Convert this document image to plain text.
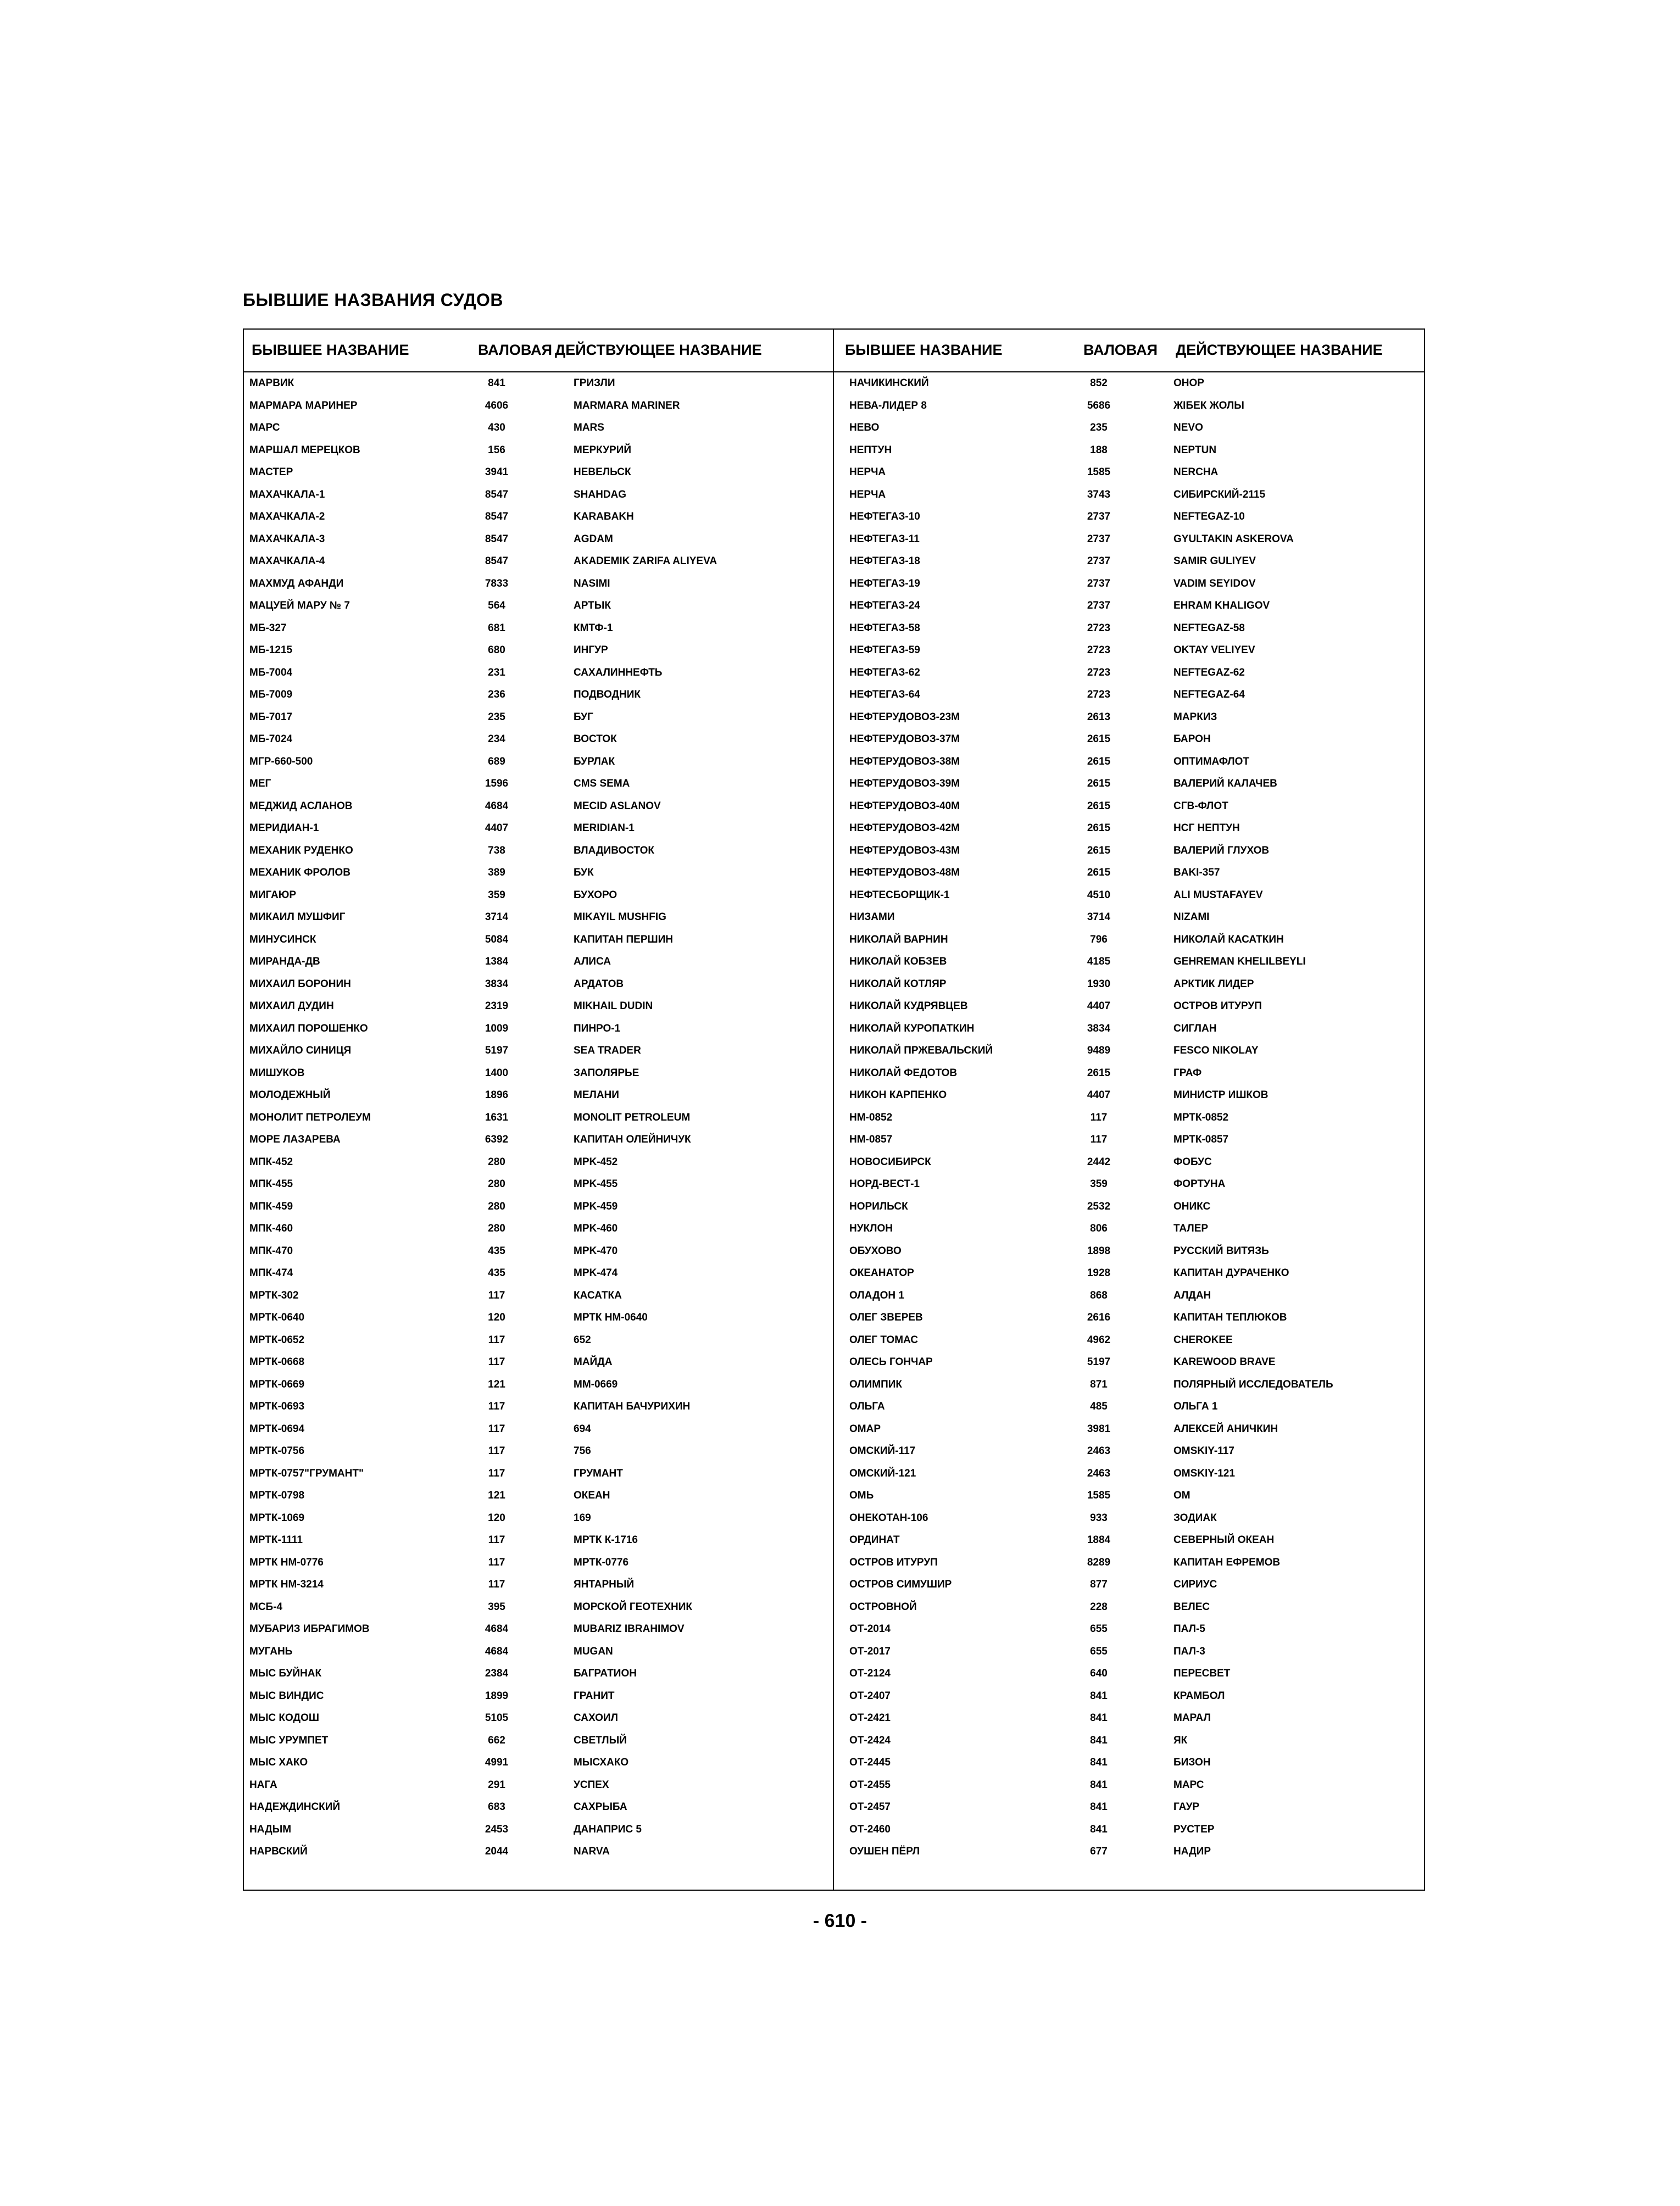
БЫВШИЕ НАЗВАНИЯ СУДОВ
БЫВШЕЕ НАЗВАНИЕ	ВАЛОВАЯ ДЕЙСТВУЮЩЕЕ НАЗВАНИЕ	БЫВШЕЕ НАЗВАНИЕ	ВАЛОВАЯ ДЕЙСТВУЮЩЕЕ НАЗВАНИЕ
МАРВИК	841	ГРИЗЛИ
МАРМАРА МАРИНЕР	4606	MARMARA MARINER
МАРС	430	MARS
МАРШАЛ МЕРЕЦКОВ	156	МЕРКУРИЙ
МАСТЕР	3941	НЕВЕЛЬСК
МАХАЧКАЛА-1	8547	SHAHDAG
МАХАЧКАЛА-2	8547	KARABAKH
МАХАЧКАЛА-3	8547	AGDAM
МАХАЧКАЛА-4	8547	AKADEMIK ZARIFA ALIYEVA
МАХМУД АФАНДИ	7833	NASIMI
МАЦУЕЙ МАРУ № 7	564	АРТЫК
МБ-327	681	КМТФ-1
МБ-1215	680	ИНГУР
МБ-7004	231	САХАЛИННЕФТЬ
МБ-7009	236	ПОДВОДНИК
МБ-7017	235	БУГ
МБ-7024	234	ВОСТОК
МГР-660-500	689	БУРЛАК
МЕГ	1596	CMS SEMA
МЕДЖИД АСЛАНОВ	4684	MECID ASLANOV
МЕРИДИАН-1	4407	MERIDIAN-1
МЕХАНИК РУДЕНКО	738	ВЛАДИВОСТОК
МЕХАНИК ФРОЛОВ	389	БУК
МИГАЮР	359	БУХОРО
МИКАИЛ МУШФИГ	3714	MIKAYIL MUSHFIG
МИНУСИНСК	5084	КАПИТАН ПЕРШИН
МИРАНДА-ДВ	1384	АЛИСА
МИХАИЛ БОРОНИН	3834	АРДАТОВ
МИХАИЛ ДУДИН	2319	MIKHAIL DUDIN
МИХАИЛ ПОРОШЕНКО	1009	ПИНРО-1
МИХАЙЛО СИНИЦЯ	5197	SEA TRADER
МИШУКОВ	1400	ЗАПОЛЯРЬЕ
МОЛОДЕЖНЫЙ	1896	МЕЛАНИ
МОНОЛИТ ПЕТРОЛЕУМ	1631	MONOLIT PETROLEUM
МОРЕ ЛАЗАРЕВА	6392	КАПИТАН ОЛЕЙНИЧУК
МПК-452	280	MPK-452
МПК-455	280	MPK-455
МПК-459	280	MPK-459
МПК-460	280	MPK-460
МПК-470	435	MPK-470
МПК-474	435	MPK-474
МРТК-302	117	КАСАТКА
МРТК-0640	120	МРТК НМ-0640
МРТК-0652	117	652
МРТК-0668	117	МАЙДА
МРТК-0669	121	ММ-0669
МРТК-0693	117	КАПИТАН БАЧУРИХИН
МРТК-0694	117	694
МРТК-0756	117	756
МРТК-0757"ГРУМАНТ"	117	ГРУМАНТ
МРТК-0798	121	ОКЕАН
МРТК-1069	120	169
МРТК-1111	117	МРТК К-1716
МРТК НМ-0776	117	МРТК-0776
МРТК НМ-3214	117	ЯНТАРНЫЙ
МСБ-4	395	МОРСКОЙ ГЕОТЕХНИК
МУБАРИЗ ИБРАГИМОВ	4684	MUBARIZ IBRAHIMOV
МУГАНЬ	4684	MUGAN
МЫС БУЙНАК	2384	БАГРАТИОН
МЫС ВИНДИС	1899	ГРАНИТ
МЫС КОДОШ	5105	САХОИЛ
МЫС УРУМПЕТ	662	СВЕТЛЫЙ
МЫС ХАКО	4991	МЫСХАКО
НАГА	291	УСПЕХ
НАДЕЖДИНСКИЙ	683	САХРЫБА
НАДЫМ	2453	ДАНАПРИС 5
НАРВСКИЙ	2044	NARVA
НАЧИКИНСКИЙ	852	ОНОР
НЕВА-ЛИДЕР 8	5686	ЖIБЕК ЖОЛЫ
НЕВО	235	NEVO
НЕПТУН	188	NEPTUN
НЕРЧА	1585	NERCHA
НЕРЧА	3743	СИБИРСКИЙ-2115
НЕФТЕГАЗ-10	2737	NEFTEGAZ-10
НЕФТЕГАЗ-11	2737	GYULTAKIN ASKEROVA
НЕФТЕГАЗ-18	2737	SAMIR GULIYEV
НЕФТЕГАЗ-19	2737	VADIM SEYIDOV
НЕФТЕГАЗ-24	2737	EHRAM KHALIGOV
НЕФТЕГАЗ-58	2723	NEFTEGAZ-58
НЕФТЕГАЗ-59	2723	OKTAY VELIYEV
НЕФТЕГАЗ-62	2723	NEFTEGAZ-62
НЕФТЕГАЗ-64	2723	NEFTEGAZ-64
НЕФТЕРУДОВОЗ-23М	2613	МАРКИЗ
НЕФТЕРУДОВОЗ-37М	2615	БАРОН
НЕФТЕРУДОВОЗ-38М	2615	ОПТИМАФЛОТ
НЕФТЕРУДОВОЗ-39М	2615	ВАЛЕРИЙ КАЛАЧЕВ
НЕФТЕРУДОВОЗ-40М	2615	СГВ-ФЛОТ
НЕФТЕРУДОВОЗ-42М	2615	НСГ НЕПТУН
НЕФТЕРУДОВОЗ-43М	2615	ВАЛЕРИЙ ГЛУХОВ
НЕФТЕРУДОВОЗ-48М	2615	BAKI-357
НЕФТЕСБОРЩИК-1	4510	ALI MUSTAFAYEV
НИЗАМИ	3714	NIZAMI
НИКОЛАЙ ВАРНИН	796	НИКОЛАЙ КАСАТКИН
НИКОЛАЙ КОБЗЕВ	4185	GEHREMAN KHELILBEYLI
НИКОЛАЙ КОТЛЯР	1930	АРКТИК ЛИДЕР
НИКОЛАЙ КУДРЯВЦЕВ	4407	ОСТРОВ ИТУРУП
НИКОЛАЙ КУРОПАТКИН	3834	СИГЛАН
НИКОЛАЙ ПРЖЕВАЛЬСКИЙ	9489	FESCO NIKOLAY
НИКОЛАЙ ФЕДОТОВ	2615	ГРАФ
НИКОН КАРПЕНКО	4407	МИНИСТР ИШКОВ
НМ-0852	117	МРТК-0852
НМ-0857	117	МРТК-0857
НОВОСИБИРСК	2442	ФОБУС
НОРД-ВЕСТ-1	359	ФОРТУНА
НОРИЛЬСК	2532	ОНИКС
НУКЛОН	806	ТАЛЕР
ОБУХОВО	1898	РУССКИЙ ВИТЯЗЬ
ОКЕАНАТОР	1928	КАПИТАН ДУРАЧЕНКО
ОЛАДОН 1	868	АЛДАН
ОЛЕГ ЗВЕРЕВ	2616	КАПИТАН ТЕПЛЮКОВ
ОЛЕГ ТОМАС	4962	CHEROKEE
ОЛЕСЬ ГОНЧАР	5197	KAREWOOD BRAVE
ОЛИМПИК	871	ПОЛЯРНЫЙ ИССЛЕДОВАТЕЛЬ
ОЛЬГА	485	ОЛЬГА 1
ОМАР	3981	АЛЕКСЕЙ АНИЧКИН
ОМСКИЙ-117	2463	OMSKIY-117
ОМСКИЙ-121	2463	OMSKIY-121
ОМЬ	1585	ОМ
ОНЕКОТАН-106	933	ЗОДИАК
ОРДИНАТ	1884	СЕВЕРНЫЙ ОКЕАН
ОСТРОВ ИТУРУП	8289	КАПИТАН ЕФРЕМОВ
ОСТРОВ СИМУШИР	877	СИРИУС
ОСТРОВНОЙ	228	ВЕЛЕС
ОТ-2014	655	ПАЛ-5
ОТ-2017	655	ПАЛ-3
ОТ-2124	640	ПЕРЕСВЕТ
ОТ-2407	841	КРАМБОЛ
ОТ-2421	841	МАРАЛ
ОТ-2424	841	ЯК
ОТ-2445	841	БИЗОН
ОТ-2455	841	МАРС
ОТ-2457	841	ГАУР
ОТ-2460	841	РУСТЕР
ОУШЕН ПЁРЛ	677	НАДИР
- 610 -
